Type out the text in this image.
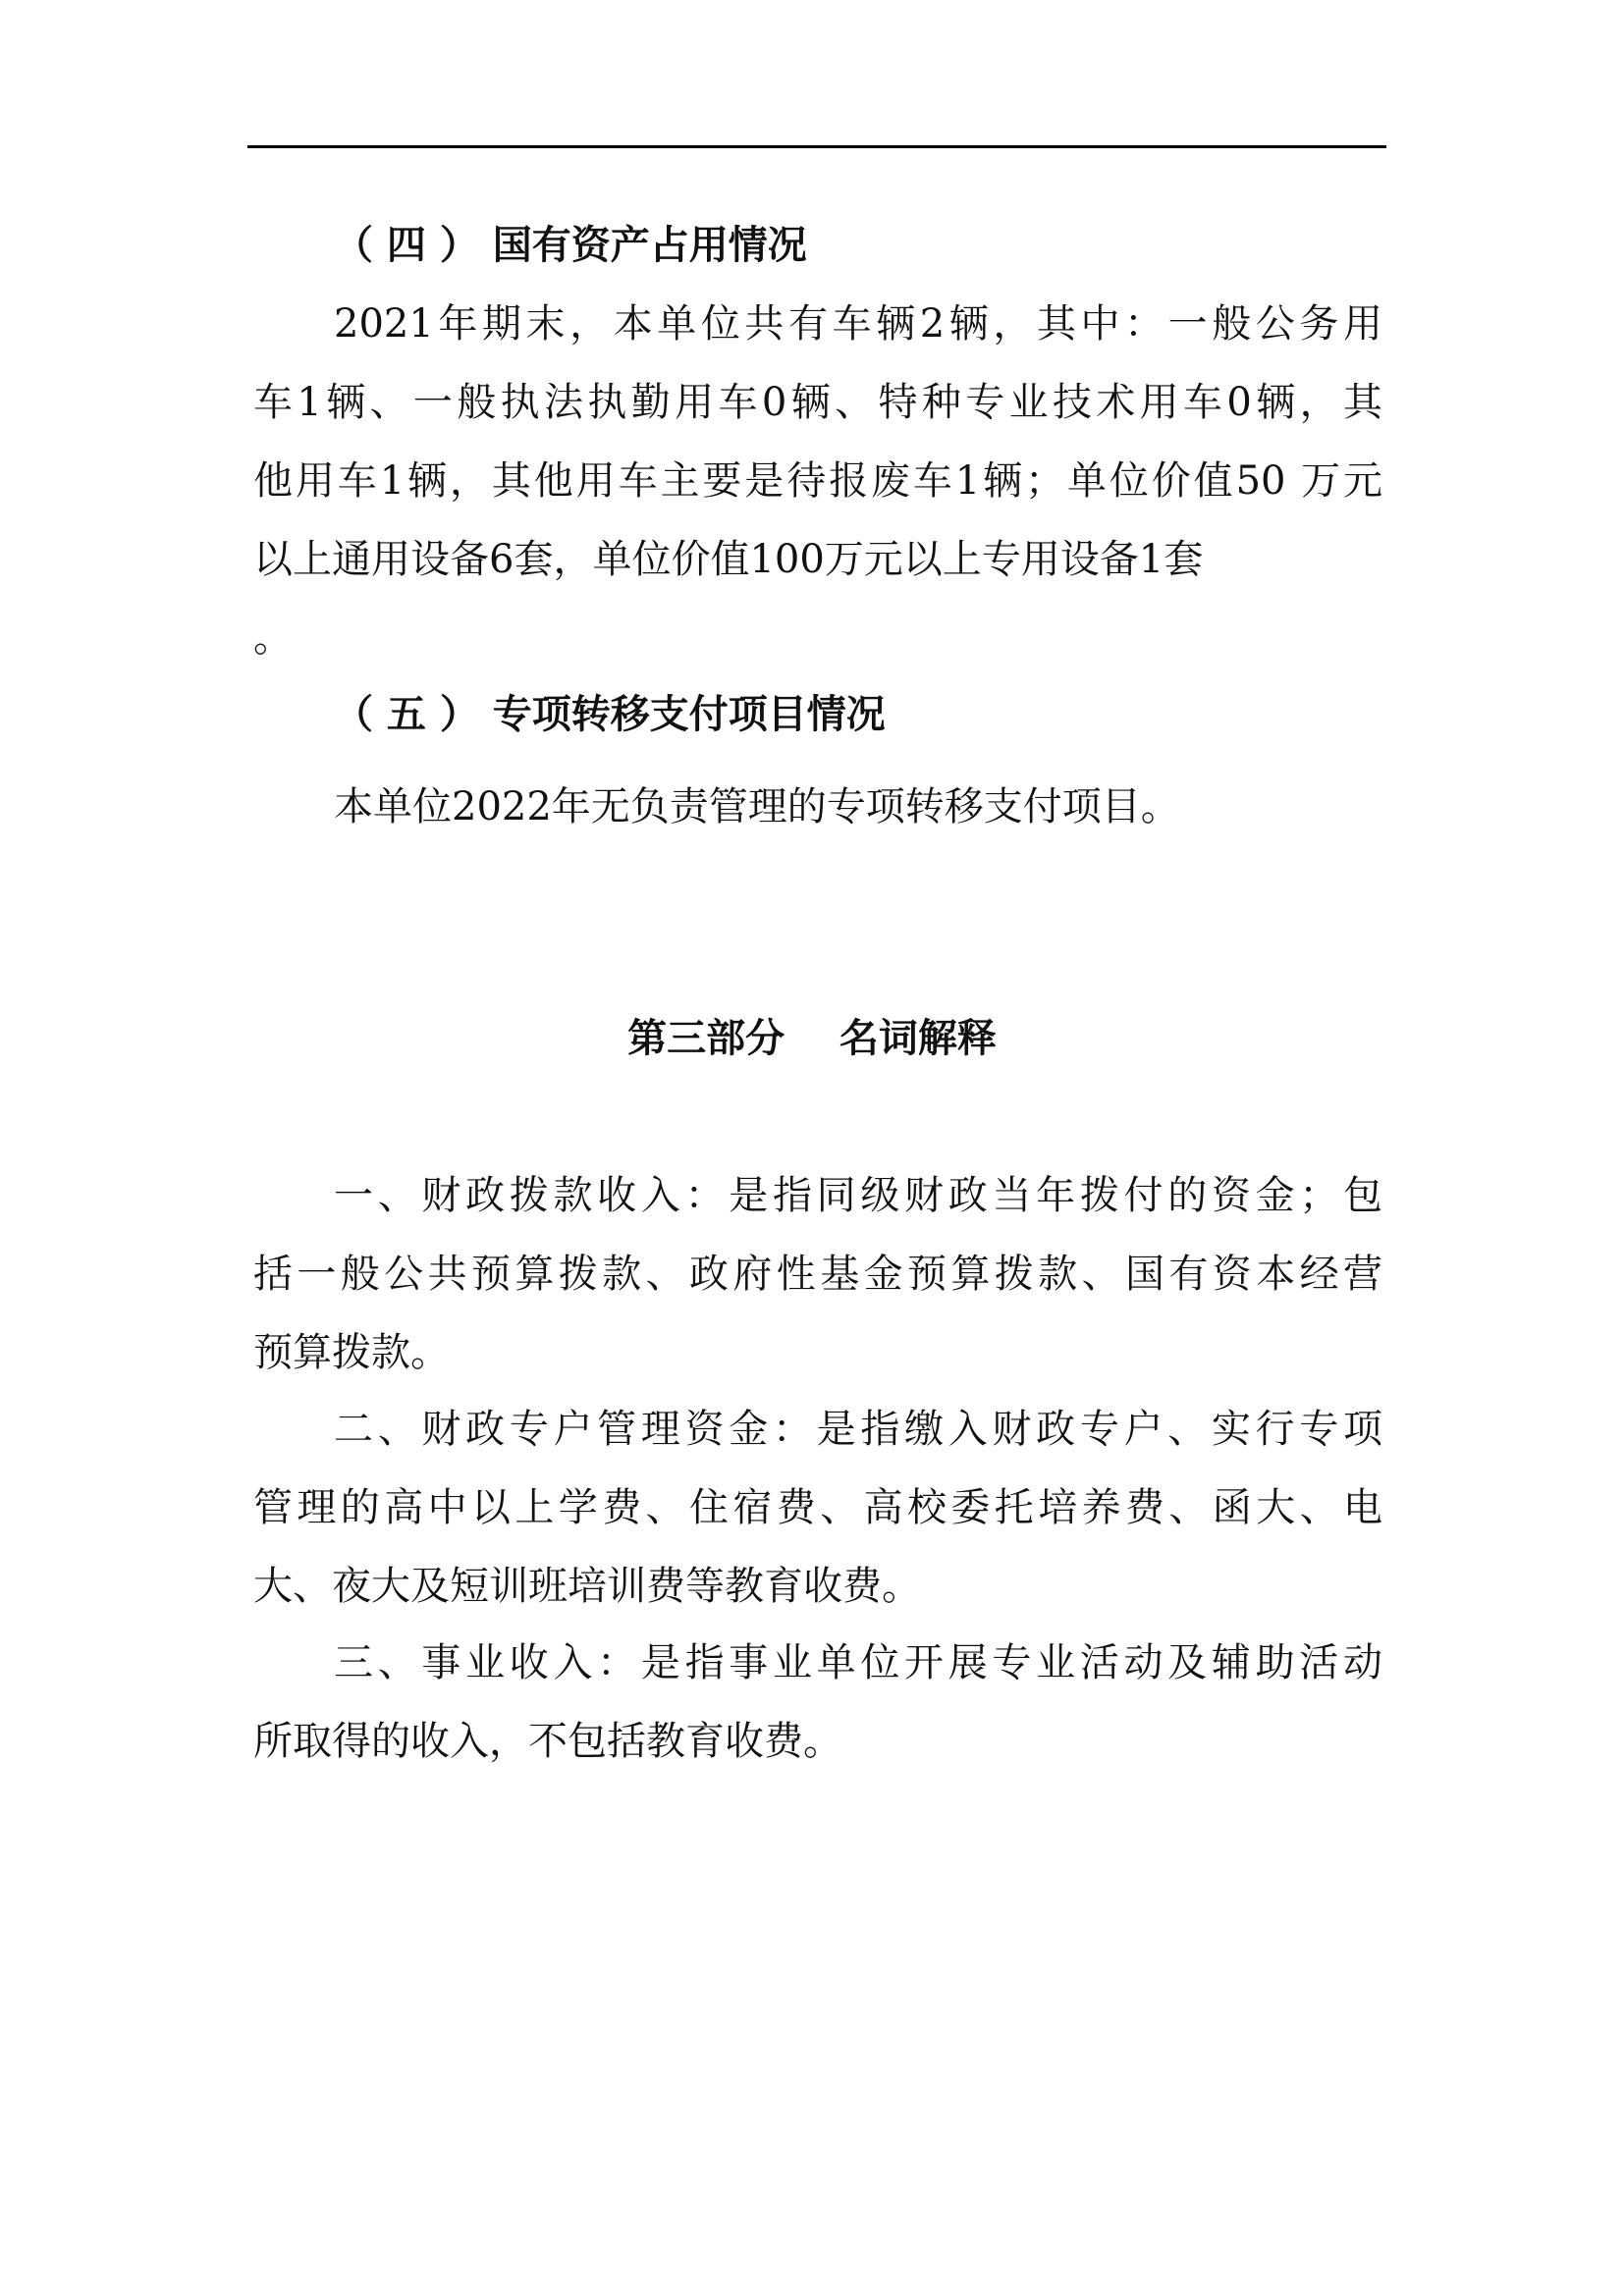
（ 四 ） 国有资产占用情况

2021年期末，本单位共有车辆2辆，其中：一般公务用

车1辆、一般执法执勤用车0辆、特种专业技术用车0辆，其

他用车1辆，其他用车主要是待报废车1辆；单位价值50 万元

以上通用设备6套，单位价值100万元以上专用设备1套

。

（ 五 ） 专项转移支付项目情况

本单位2022年无负责管理的专项转移支付项目。

第三部分    名词解释

一、财政拨款收入：是指同级财政当年拨付的资金；包

括一般公共预算拨款、政府性基金预算拨款、国有资本经营

预算拨款。

二、财政专户管理资金：是指缴入财政专户、实行专项

管理的高中以上学费、住宿费、高校委托培养费、函大、电

大、夜大及短训班培训费等教育收费。

三、事业收入：是指事业单位开展专业活动及辅助活动

所取得的收入，不包括教育收费。
